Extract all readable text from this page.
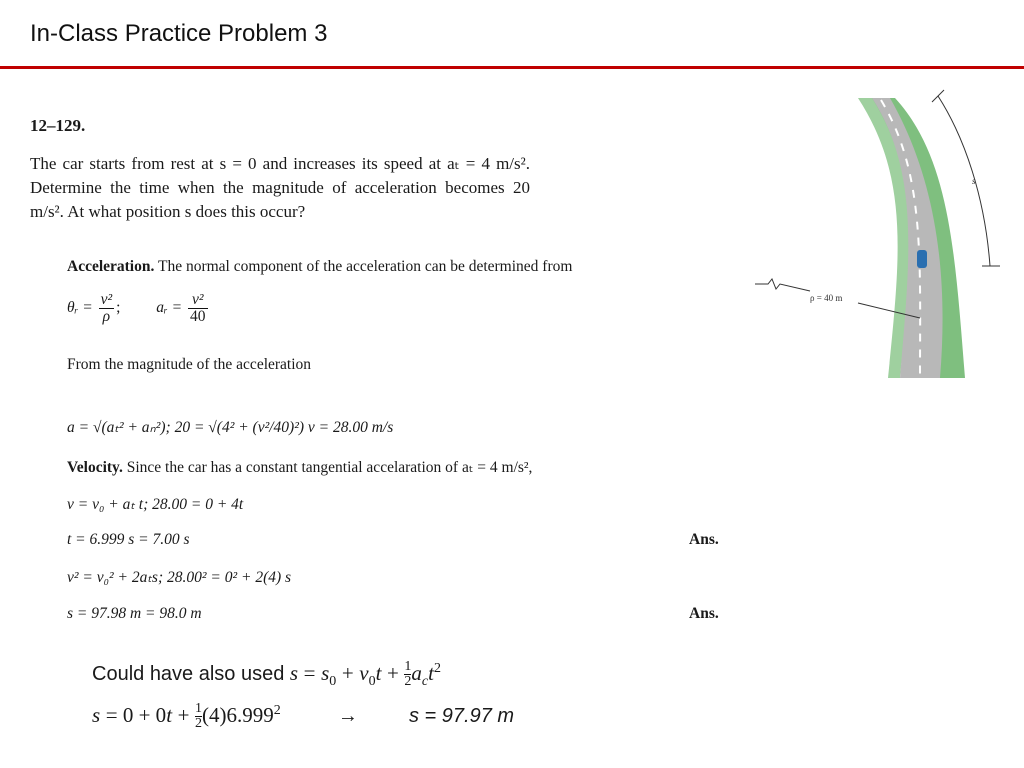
In-Class Practice Problem 3
12–129.
The car starts from rest at s = 0 and increases its speed at aₜ = 4 m/s². Determine the time when the magnitude of acceleration becomes 20 m/s². At what position s does this occur?
Acceleration. The normal component of the acceleration can be determined from
θᵣ = $\frac{\text{v²}}{\rho}$ ;  aᵣ = $\frac{\text{v²}}{40}$
From the magnitude of the acceleration
a = √(aₜ² + aₙ²); 20 = √(4² + (v²/40)²) v = 28.00 m/s
Velocity. Since the car has a constant tangential accelaration of aₜ = 4 m/s²,
v = v₀ + aₜ t; 28.00 = 0 + 4t
t = 6.999 s = 7.00 s	Ans.
v² = v₀² + 2aₜs; 28.00² = 0² + 2(4) s
s = 97.98 m = 98.0 m	Ans.
Could have also used $s = s_0 + v_0t + \frac{1}{2} a_ct^2$
$s = 0 + 0t + \frac{1}{2} (4)6.999^2$	→	s = 97.97 m
s
ρ = 40 m
